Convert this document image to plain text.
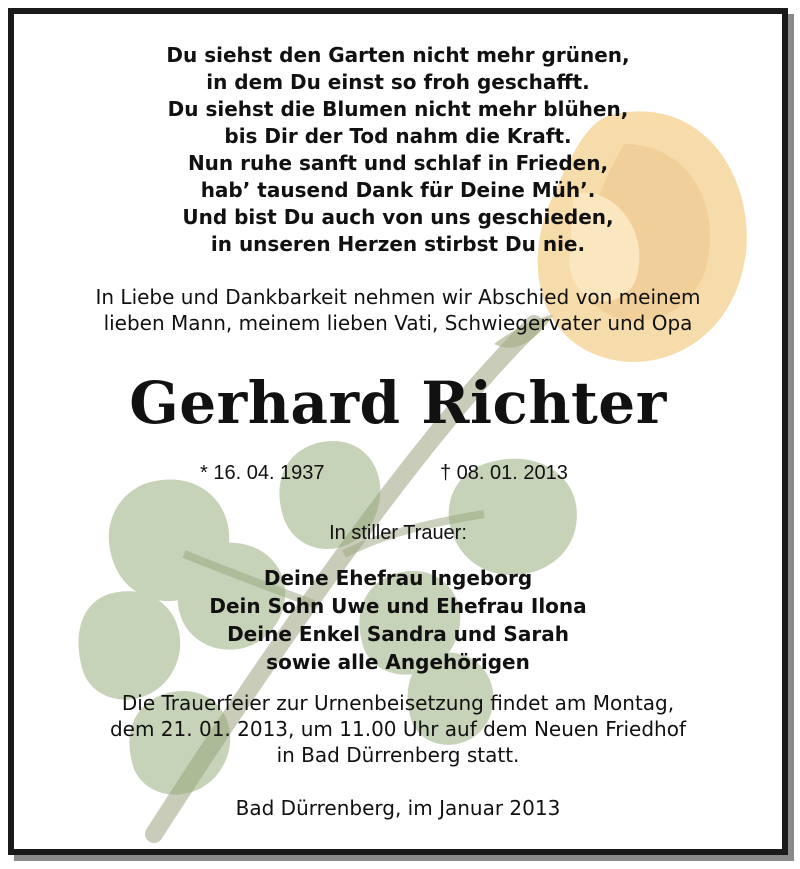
Du siehst den Garten nicht mehr grünen,
in dem Du einst so froh geschafft.
Du siehst die Blumen nicht mehr blühen,
bis Dir der Tod nahm die Kraft.
Nun ruhe sanft und schlaf in Frieden,
hab’ tausend Dank für Deine Müh’.
Und bist Du auch von uns geschieden,
in unseren Herzen stirbst Du nie.
In Liebe und Dankbarkeit nehmen wir Abschied von meinem
lieben Mann, meinem lieben Vati, Schwiegervater und Opa
Gerhard Richter
* 16. 04. 1937	† 08. 01. 2013
In stiller Trauer:
Deine Ehefrau Ingeborg
Dein Sohn Uwe und Ehefrau Ilona
Deine Enkel Sandra und Sarah
sowie alle Angehörigen
Die Trauerfeier zur Urnenbeisetzung findet am Montag,
dem 21. 01. 2013, um 11.00 Uhr auf dem Neuen Friedhof
in Bad Dürrenberg statt.
Bad Dürrenberg, im Januar 2013
